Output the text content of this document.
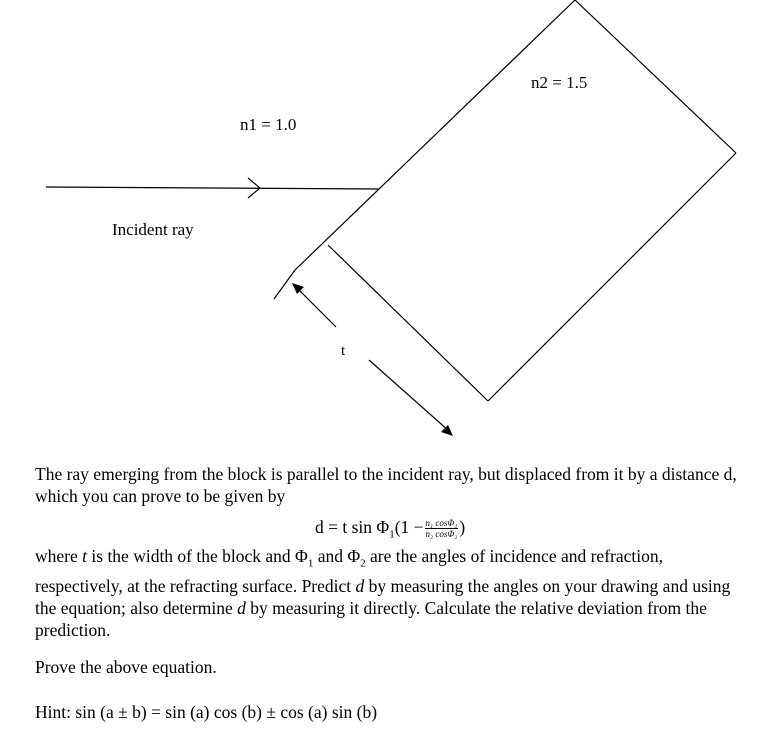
n2 = 1.5
n1 = 1.0
Incident ray
t
The ray emerging from the block is parallel to the incident ray, but displaced from it by a distance d, which you can prove to be given by
d = t $\sin \Phi_1(1 - \frac{\text{n₁ cosΦ₁}}{\text{n₂ cosΦ₂}}$ )
where t is the width of the block and $\Phi_1$ and $\Phi_2$ are the angles of incidence and refraction, respectively, at the refracting surface. Predict d by measuring the angles on your drawing and using the equation; also determine d by measuring it directly. Calculate the relative deviation from the prediction.
Prove the above equation.
Hint: sin (a ± b) = sin (a) cos (b) ± cos (a) sin (b)
